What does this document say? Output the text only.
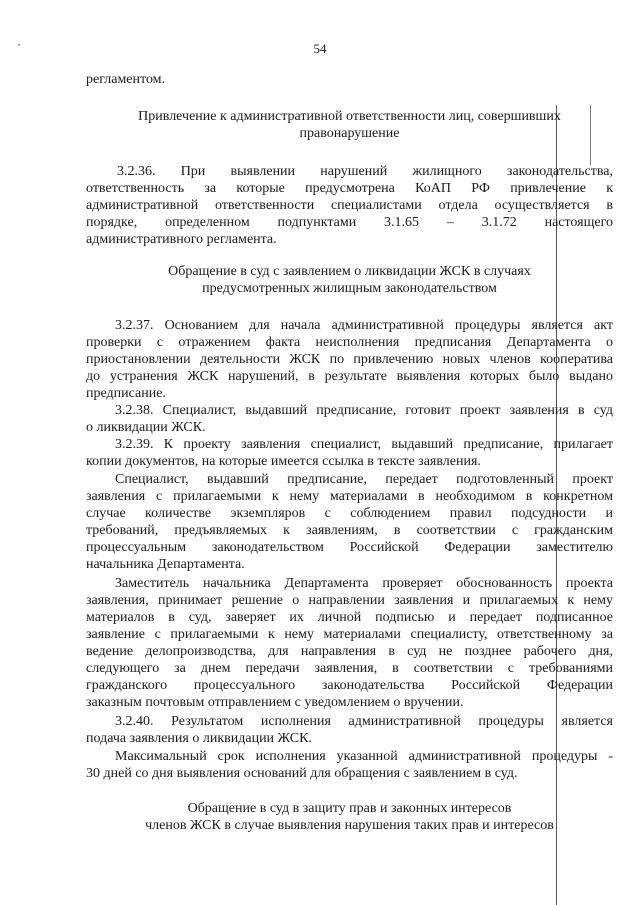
54
регламентом.
Привлечение к административной ответственности лиц, совершивших
правонарушение
3.2.36. При выявлении нарушений жилищного законодательства,
ответственность за которые предусмотрена КоАП РФ привлечение к
административной ответственности специалистами отдела осуществляется в
порядке, определенном подпунктами 3.1.65 – 3.1.72 настоящего
административного регламента.
Обращение в суд с заявлением о ликвидации ЖСК в случаях
предусмотренных жилищным законодательством
3.2.37. Основанием для начала административной процедуры является акт
проверки с отражением факта неисполнения предписания Департамента о
приостановлении деятельности ЖСК по привлечению новых членов кооператива
до устранения ЖСК нарушений, в результате выявления которых было выдано
предписание.
3.2.38. Специалист, выдавший предписание, готовит проект заявления в суд
о ликвидации ЖСК.
3.2.39. К проекту заявления специалист, выдавший предписание, прилагает
копии документов, на которые имеется ссылка в тексте заявления.
Специалист, выдавший предписание, передает подготовленный проект
заявления с прилагаемыми к нему материалами в необходимом в конкретном
случае количестве экземпляров с соблюдением правил подсудности и
требований, предъявляемых к заявлениям, в соответствии с гражданским
процессуальным законодательством Российской Федерации заместителю
начальника Департамента.
Заместитель начальника Департамента проверяет обоснованность проекта
заявления, принимает решение о направлении заявления и прилагаемых к нему
материалов в суд, заверяет их личной подписью и передает подписанное
заявление с прилагаемыми к нему материалами специалисту, ответственному за
ведение делопроизводства, для направления в суд не позднее рабочего дня,
следующего за днем передачи заявления, в соответствии с требованиями
гражданского процессуального законодательства Российской Федерации
заказным почтовым отправлением с уведомлением о вручении.
3.2.40. Результатом исполнения административной процедуры является
подача заявления о ликвидации ЖСК.
Максимальный срок исполнения указанной административной процедуры -
30 дней со дня выявления оснований для обращения с заявлением в суд.
Обращение в суд в защиту прав и законных интересов
членов ЖСК в случае выявления нарушения таких прав и интересов
